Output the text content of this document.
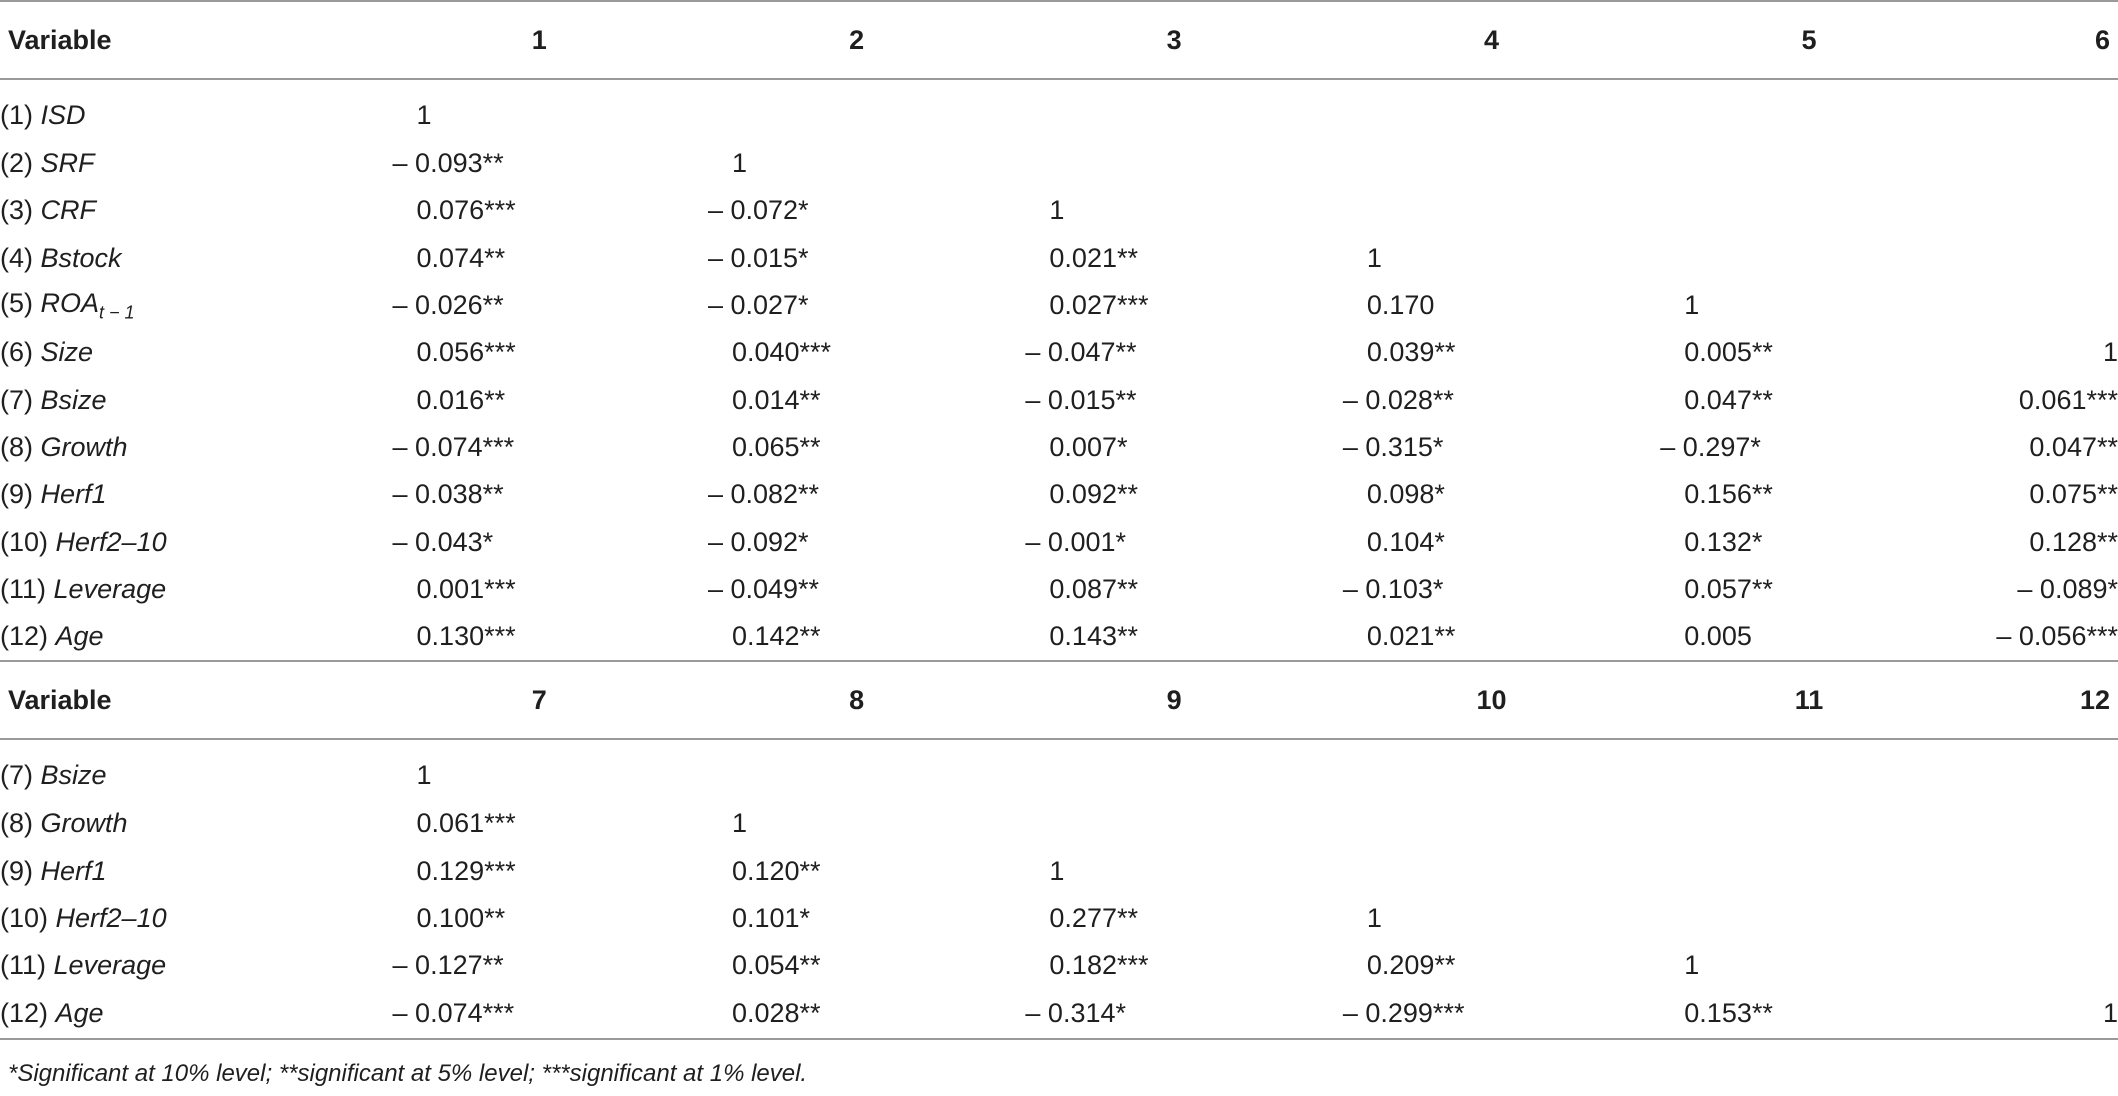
Variable	1	2	3	4	5	6
(1) ISD	1					
(2) SRF	– 0.093**	1				
(3) CRF	0.076***	– 0.072*	1			
(4) Bstock	0.074**	– 0.015*	0.021**	1		
(5) $ROA_{t - 1}$	– 0.026**	– 0.027*	0.027***	0.170	1	
(6) Size	0.056***	0.040***	– 0.047**	0.039**	0.005**	1
(7) Bsize	0.016**	0.014**	– 0.015**	– 0.028**	0.047**	0.061***
(8) Growth	– 0.074***	0.065**	0.007*	– 0.315*	– 0.297*	0.047**
(9) Herf1	– 0.038**	– 0.082**	0.092**	0.098*	0.156**	0.075**
(10) Herf2–10	– 0.043*	– 0.092*	– 0.001*	0.104*	0.132*	0.128**
(11) Leverage	0.001***	– 0.049**	0.087**	– 0.103*	0.057**	– 0.089*
(12) Age	0.130***	0.142**	0.143**	0.021**	0.005	– 0.056***
Variable	7	8	9	10	11	12
(7) Bsize	1					
(8) Growth	0.061***	1				
(9) Herf1	0.129***	0.120**	1			
(10) Herf2–10	0.100**	0.101*	0.277**	1		
(11) Leverage	– 0.127**	0.054**	0.182***	0.209**	1	
(12) Age	– 0.074***	0.028**	– 0.314*	– 0.299***	0.153**	1
*Significant at 10% level; **significant at 5% level; ***significant at 1% level.
